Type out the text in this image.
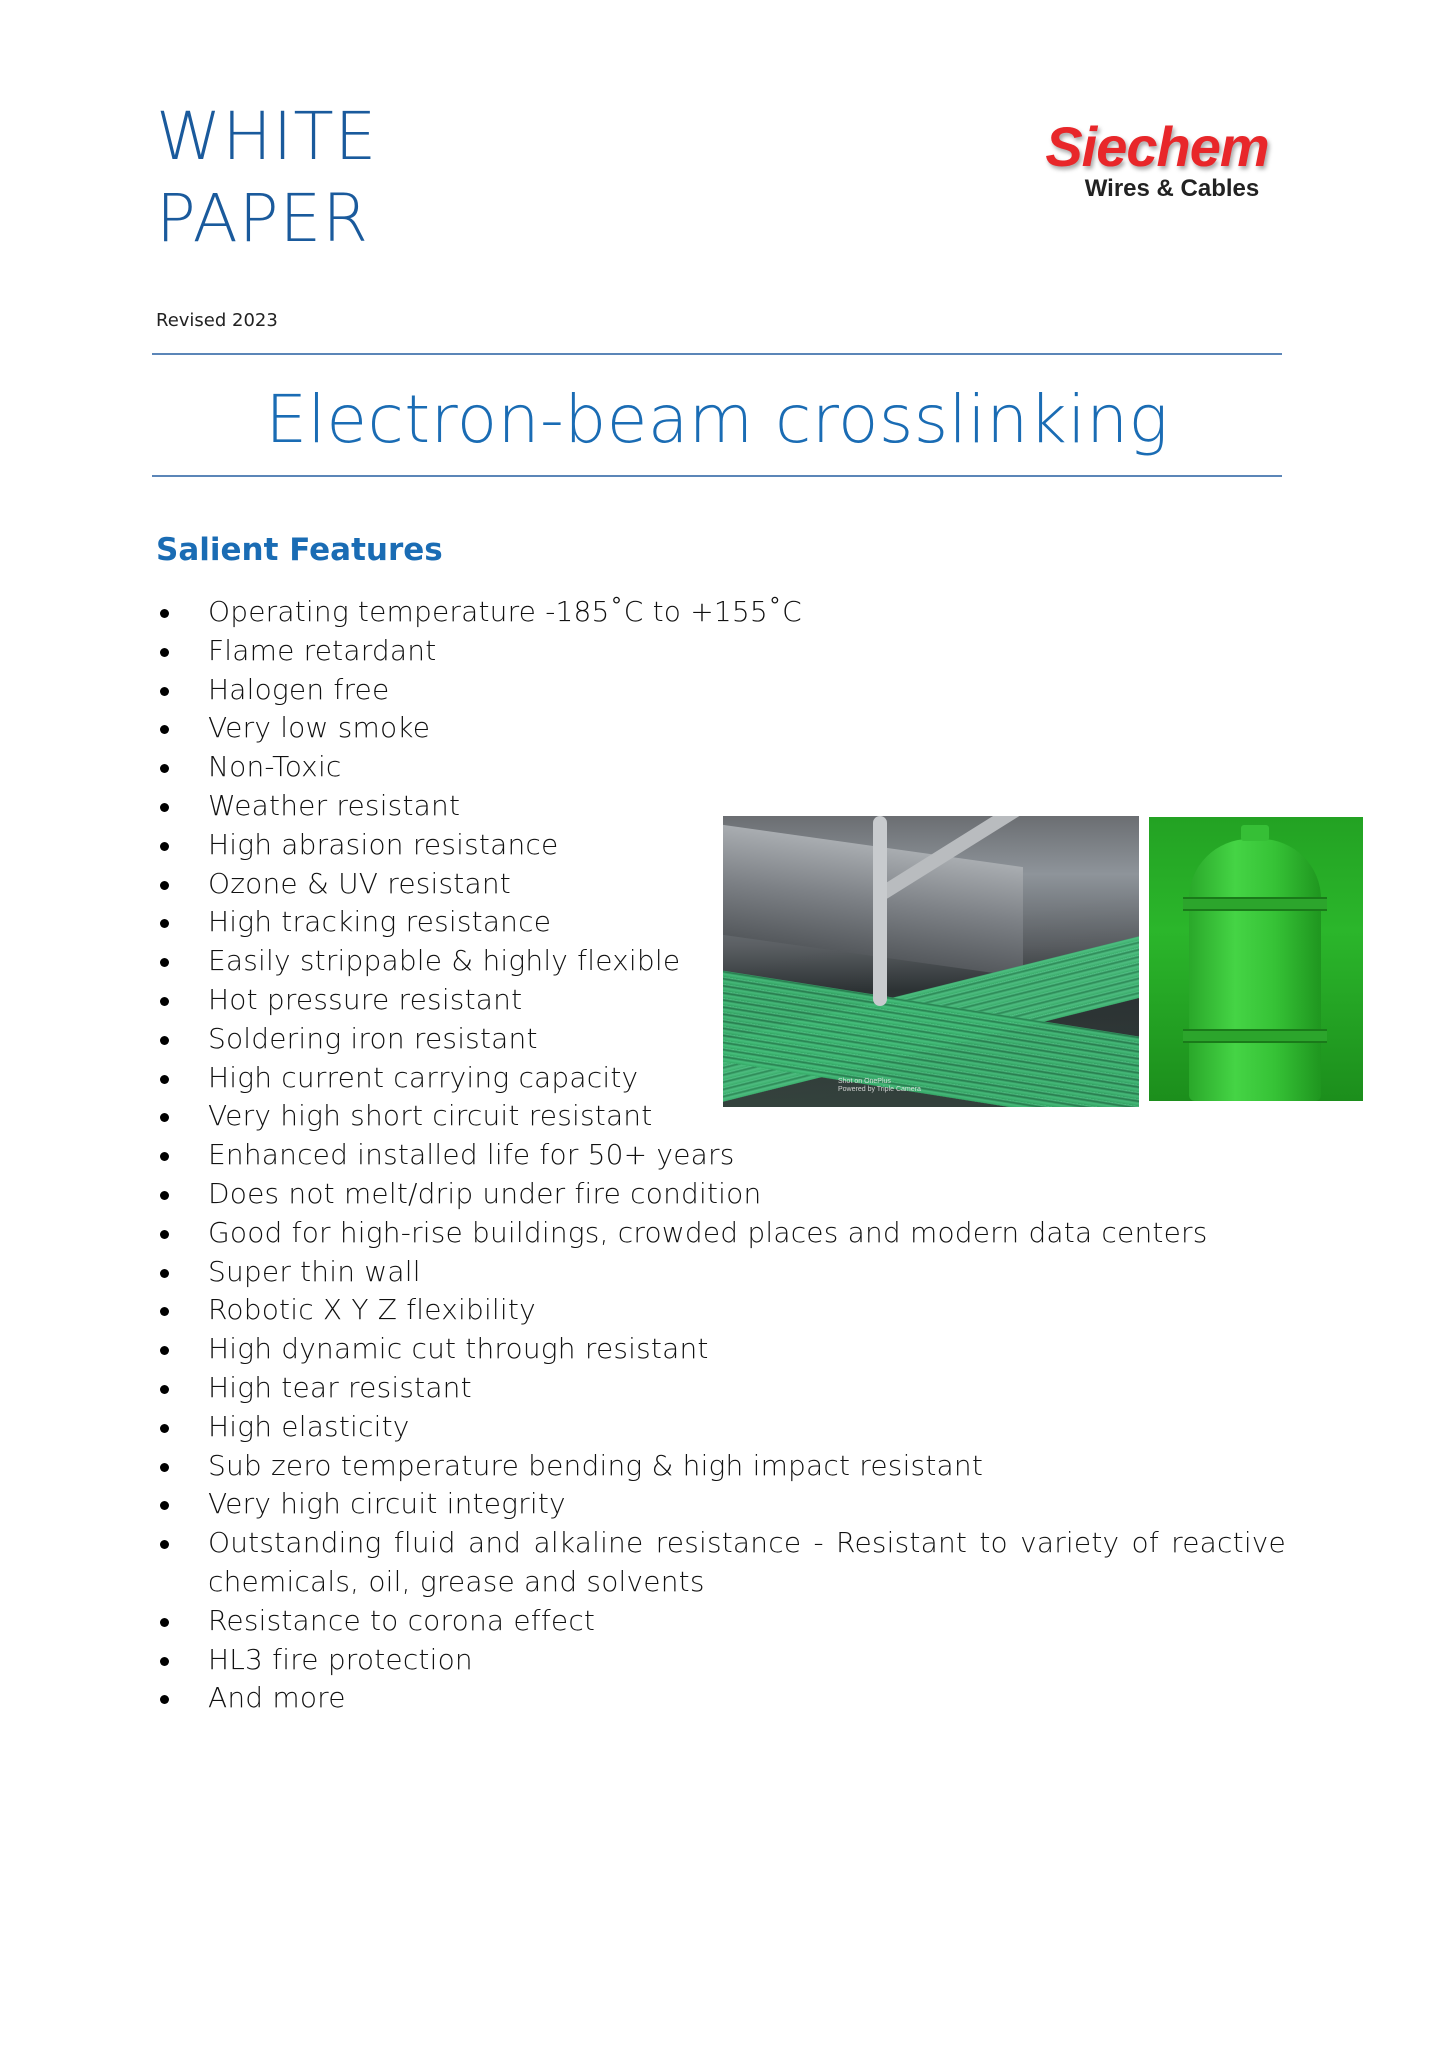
WHITE
PAPER
Siechem
Wires & Cables
Revised 2023
Electron-beam crosslinking
Salient Features
Operating temperature -185˚C to +155˚C
Flame retardant
Halogen free
Very low smoke
Non-Toxic
Weather resistant
High abrasion resistance
Ozone & UV resistant
High tracking resistance
Easily strippable & highly flexible
Hot pressure resistant
Soldering iron resistant
High current carrying capacity
Very high short circuit resistant
Enhanced installed life for 50+ years
Does not melt/drip under fire condition
Good for high-rise buildings, crowded places and modern data centers
Super thin wall
Robotic X Y Z flexibility
High dynamic cut through resistant
High tear resistant
High elasticity
Sub zero temperature bending & high impact resistant
Very high circuit integrity
Outstanding fluid and alkaline resistance - Resistant to variety of reactive chemicals, oil, grease and solvents
Resistance to corona effect
HL3 fire protection
And more
Shot on OnePlus
Powered by Triple Camera
